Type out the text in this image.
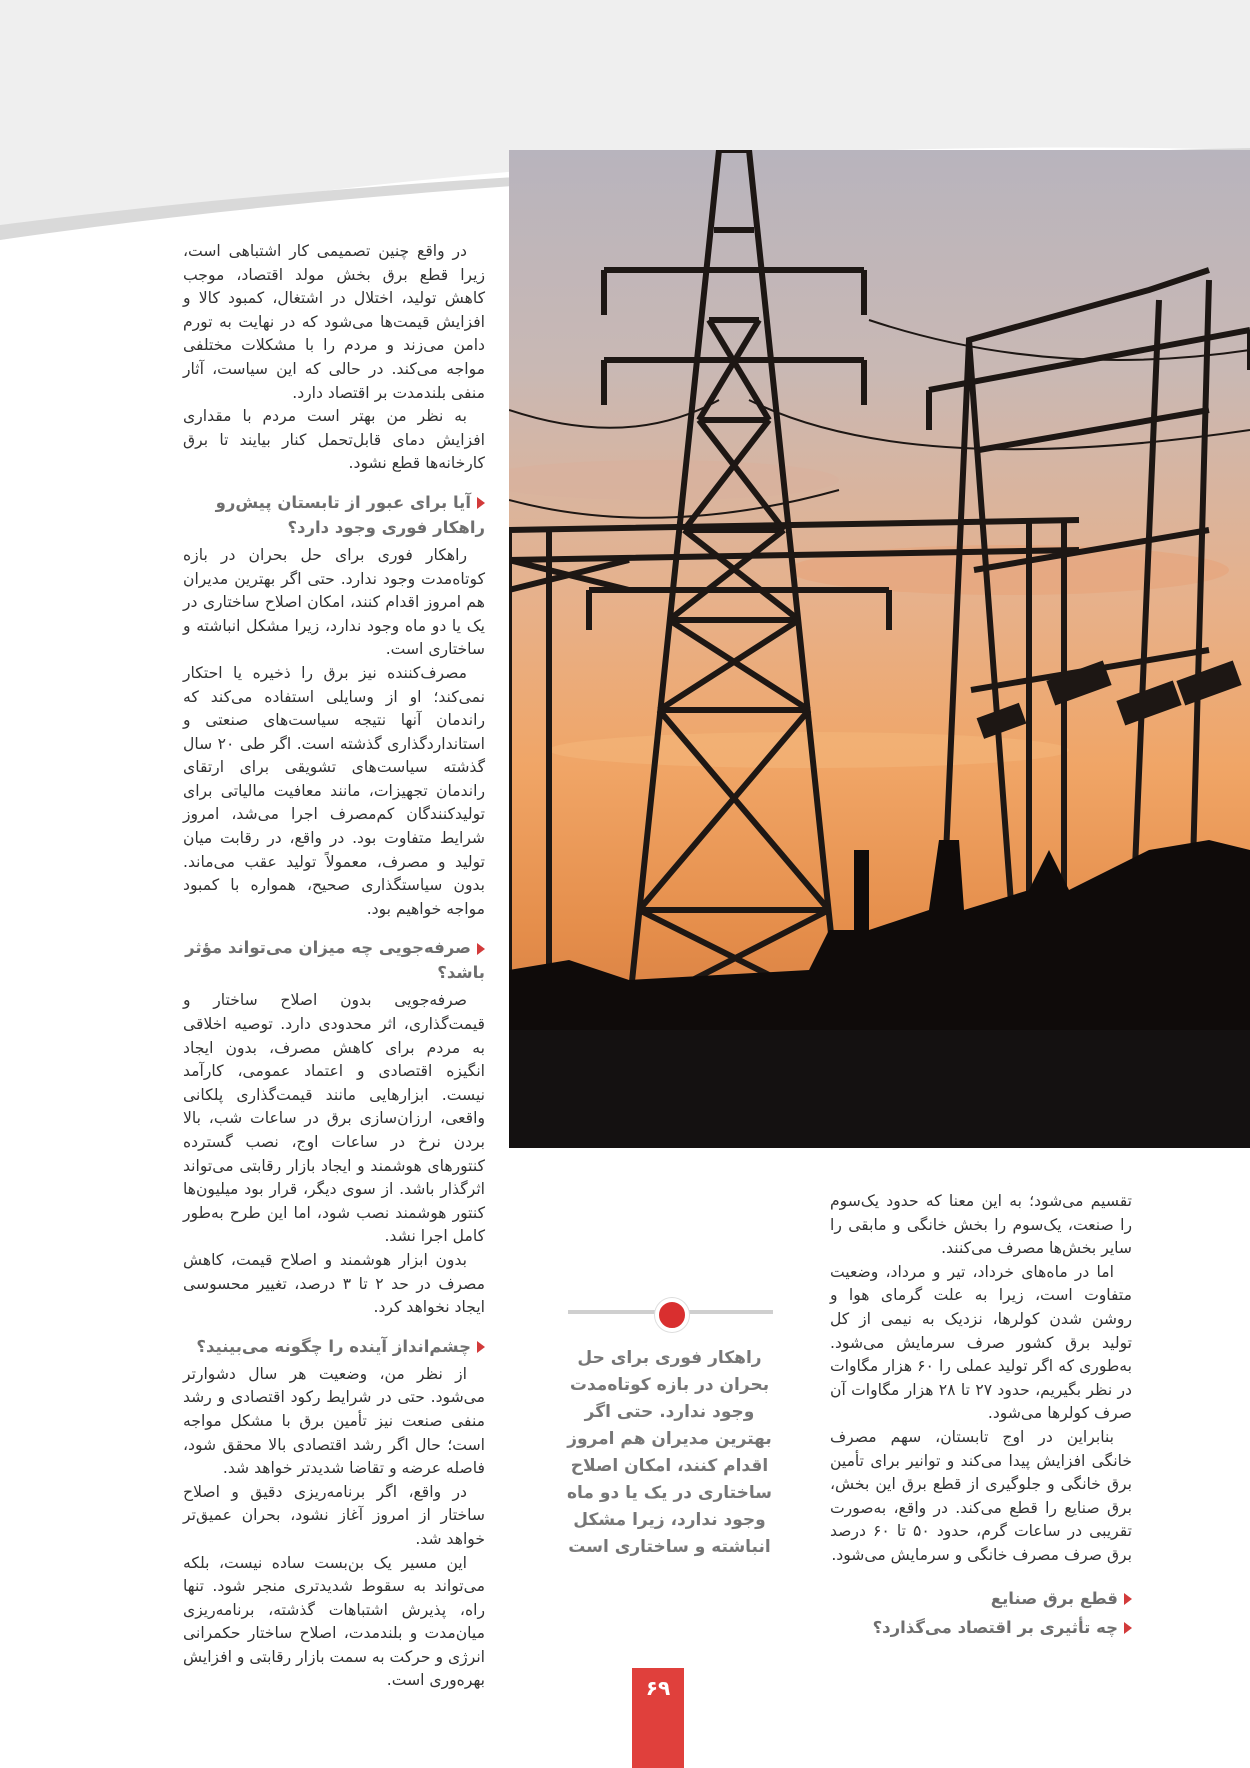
در واقع چنین تصمیمی کار اشتباهی است، زیرا قطع برق بخش مولد اقتصاد، موجب کاهش تولید، اختلال در اشتغال، کمبود کالا و افزایش قیمت‌ها می‌شود که در نهایت به تورم دامن می‌زند و مردم را با مشکلات مختلفی مواجه می‌کند. در حالی که این سیاست، آثار منفی بلندمدت بر اقتصاد دارد.

به نظر من بهتر است مردم با مقداری افزایش دمای قابل‌تحمل کنار بیایند تا برق کارخانه‌ها قطع نشود.

آیا برای عبور از تابستان پیش‌رو راهکار فوری وجود دارد؟

راهکار فوری برای حل بحران در بازه کوتاه‌مدت وجود ندارد. حتی اگر بهترین مدیران هم امروز اقدام کنند، امکان اصلاح ساختاری در یک یا دو ماه وجود ندارد، زیرا مشکل انباشته و ساختاری است.

مصرف‌کننده نیز برق را ذخیره یا احتکار نمی‌کند؛ او از وسایلی استفاده می‌کند که راندمان آنها نتیجه سیاست‌های صنعتی و استانداردگذاری گذشته است. اگر طی ۲۰ سال گذشته سیاست‌های تشویقی برای ارتقای راندمان تجهیزات، مانند معافیت مالیاتی برای تولیدکنندگان کم‌مصرف اجرا می‌شد، امروز شرایط متفاوت بود. در واقع، در رقابت میان تولید و مصرف، معمولاً تولید عقب می‌ماند. بدون سیاستگذاری صحیح، همواره با کمبود مواجه خواهیم بود.

صرفه‌جویی چه میزان می‌تواند مؤثر باشد؟

صرفه‌جویی بدون اصلاح ساختار و قیمت‌گذاری، اثر محدودی دارد. توصیه اخلاقی به مردم برای کاهش مصرف، بدون ایجاد انگیزه اقتصادی و اعتماد عمومی، کارآمد نیست. ابزارهایی مانند قیمت‌گذاری پلکانی واقعی، ارزان‌سازی برق در ساعات شب، بالا بردن نرخ در ساعات اوج، نصب گسترده کنتورهای هوشمند و ایجاد بازار رقابتی می‌تواند اثرگذار باشد. از سوی دیگر، قرار بود میلیون‌ها کنتور هوشمند نصب شود، اما این طرح به‌طور کامل اجرا نشد.

بدون ابزار هوشمند و اصلاح قیمت، کاهش مصرف در حد ۲ تا ۳ درصد، تغییر محسوسی ایجاد نخواهد کرد.

چشم‌انداز آینده را چگونه می‌بینید؟

از نظر من، وضعیت هر سال دشوارتر می‌شود. حتی در شرایط رکود اقتصادی و رشد منفی صنعت نیز تأمین برق با مشکل مواجه است؛ حال اگر رشد اقتصادی بالا محقق شود، فاصله عرضه و تقاضا شدیدتر خواهد شد.

در واقع، اگر برنامه‌ریزی دقیق و اصلاح ساختار از امروز آغاز نشود، بحران عمیق‌تر خواهد شد.

این مسیر یک بن‌بست ساده نیست، بلکه می‌تواند به سقوط شدیدتری منجر شود. تنها راه، پذیرش اشتباهات گذشته، برنامه‌ریزی میان‌مدت و بلندمدت، اصلاح ساختار حکمرانی انرژی و حرکت به سمت بازار رقابتی و افزایش بهره‌وری است.

راهکار فوری برای حل بحران در بازه کوتاه‌مدت وجود ندارد. حتی اگر بهترین مدیران هم امروز اقدام کنند، امکان اصلاح ساختاری در یک یا دو ماه وجود ندارد، زیرا مشکل انباشته و ساختاری است

تقسیم می‌شود؛ به این معنا که حدود یک‌سوم را صنعت، یک‌سوم را بخش خانگی و مابقی را سایر بخش‌ها مصرف می‌کنند.

اما در ماه‌های خرداد، تیر و مرداد، وضعیت متفاوت است، زیرا به علت گرمای هوا و روشن شدن کولرها، نزدیک به نیمی از کل تولید برق کشور صرف سرمایش می‌شود. به‌طوری که اگر تولید عملی را ۶۰ هزار مگاوات در نظر بگیریم، حدود ۲۷ تا ۲۸ هزار مگاوات آن صرف کولرها می‌شود.

بنابراین در اوج تابستان، سهم مصرف خانگی افزایش پیدا می‌کند و توانیر برای تأمین برق خانگی و جلوگیری از قطع برق این بخش، برق صنایع را قطع می‌کند. در واقع، به‌صورت تقریبی در ساعات گرم، حدود ۵۰ تا ۶۰ درصد برق صرف مصرف خانگی و سرمایش می‌شود.

قطع برق صنایع
چه تأثیری بر اقتصاد می‌گذارد؟
۶۹
